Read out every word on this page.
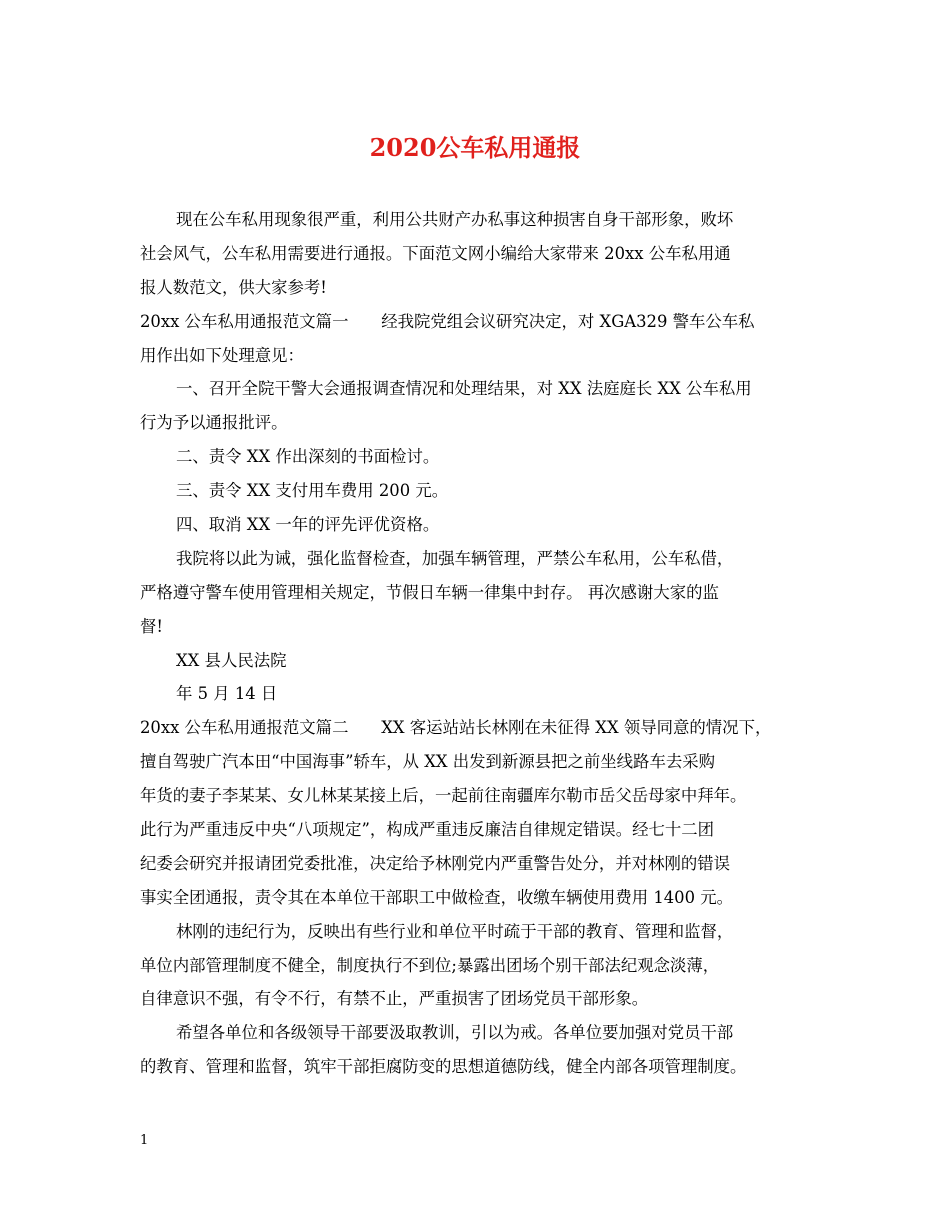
2020公车私用通报
现在公车私用现象很严重，利用公共财产办私事这种损害自身干部形象，败坏
社会风气，公车私用需要进行通报。下面范文网小编给大家带来 20xx 公车私用通
报人数范文，供大家参考!
20xx 公车私用通报范文篇一　　经我院党组会议研究决定，对 XGA329 警车公车私
用作出如下处理意见：
一、召开全院干警大会通报调查情况和处理结果，对 XX 法庭庭长 XX 公车私用
行为予以通报批评。
二、责令 XX 作出深刻的书面检讨。
三、责令 XX 支付用车费用 200 元。
四、取消 XX 一年的评先评优资格。
我院将以此为诫，强化监督检查，加强车辆管理，严禁公车私用，公车私借，
严格遵守警车使用管理相关规定，节假日车辆一律集中封存。 再次感谢大家的监
督!
XX 县人民法院
年 5 月 14 日
20xx 公车私用通报范文篇二　　XX 客运站站长林刚在未征得 XX 领导同意的情况下，
擅自驾驶广汽本田“中国海事”轿车，从 XX 出发到新源县把之前坐线路车去采购
年货的妻子李某某、女儿林某某接上后，一起前往南疆库尔勒市岳父岳母家中拜年。
此行为严重违反中央“八项规定”，构成严重违反廉洁自律规定错误。经七十二团
纪委会研究并报请团党委批准，决定给予林刚党内严重警告处分，并对林刚的错误
事实全团通报，责令其在本单位干部职工中做检查，收缴车辆使用费用 1400 元。
林刚的违纪行为，反映出有些行业和单位平时疏于干部的教育、管理和监督，
单位内部管理制度不健全，制度执行不到位;暴露出团场个别干部法纪观念淡薄，
自律意识不强，有令不行，有禁不止，严重损害了团场党员干部形象。
希望各单位和各级领导干部要汲取教训，引以为戒。各单位要加强对党员干部
的教育、管理和监督，筑牢干部拒腐防变的思想道德防线，健全内部各项管理制度。
1
